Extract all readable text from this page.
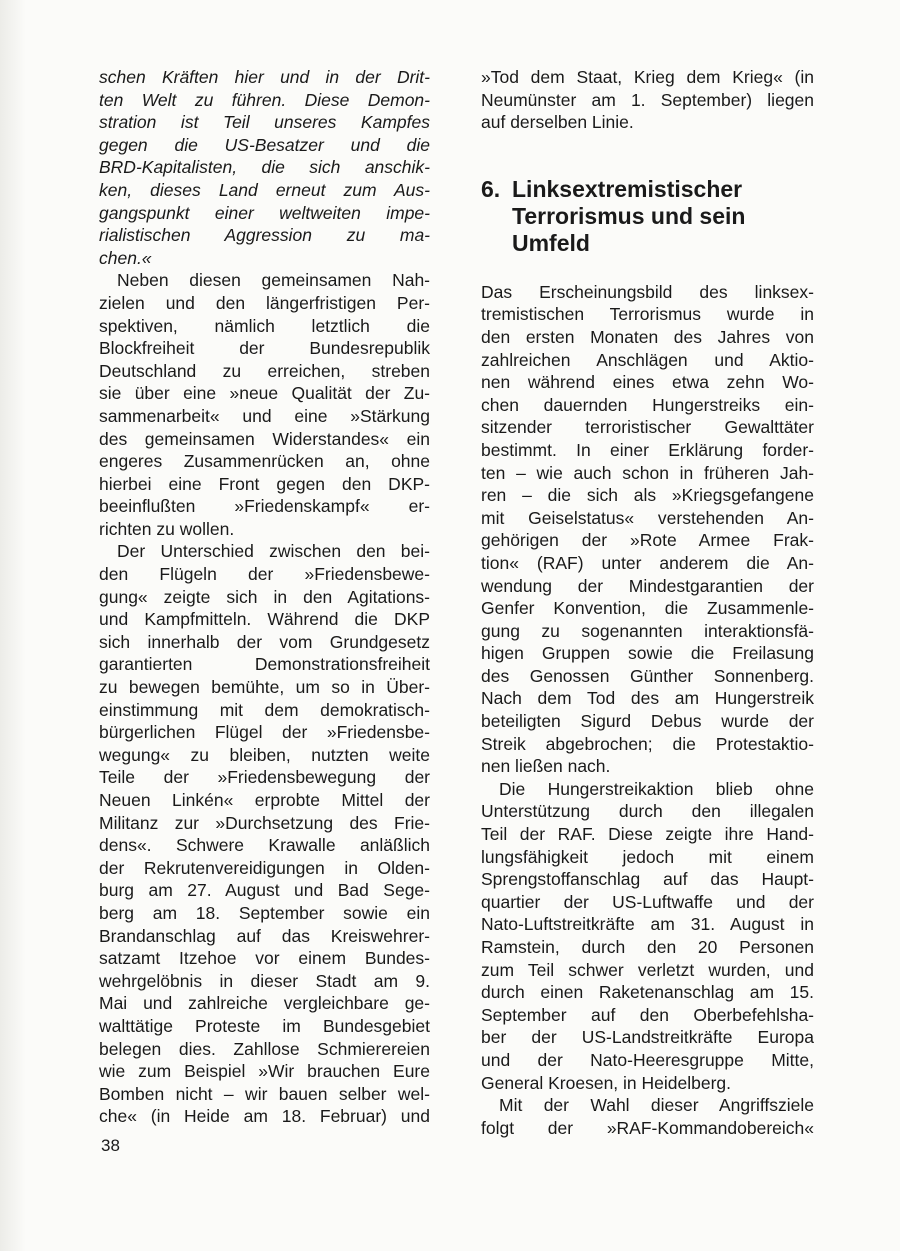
schen Kräften hier und in der Drit-
ten Welt zu führen. Diese Demon-
stration ist Teil unseres Kampfes
gegen die US-Besatzer und die
BRD-Kapitalisten, die sich anschik-
ken, dieses Land erneut zum Aus-
gangspunkt einer weltweiten impe-
rialistischen Aggression zu ma-
chen.«
Neben diesen gemeinsamen Nah-
zielen und den längerfristigen Per-
spektiven, nämlich letztlich die
Blockfreiheit der Bundesrepublik
Deutschland zu erreichen, streben
sie über eine »neue Qualität der Zu-
sammenarbeit« und eine »Stärkung
des gemeinsamen Widerstandes« ein
engeres Zusammenrücken an, ohne
hierbei eine Front gegen den DKP-
beeinflußten »Friedenskampf« er-
richten zu wollen.
Der Unterschied zwischen den bei-
den Flügeln der »Friedensbewe-
gung« zeigte sich in den Agitations-
und Kampfmitteln. Während die DKP
sich innerhalb der vom Grundgesetz
garantierten Demonstrationsfreiheit
zu bewegen bemühte, um so in Über-
einstimmung mit dem demokratisch-
bürgerlichen Flügel der »Friedensbe-
wegung« zu bleiben, nutzten weite
Teile der »Friedensbewegung der
Neuen Linkén« erprobte Mittel der
Militanz zur »Durchsetzung des Frie-
dens«. Schwere Krawalle anläßlich
der Rekrutenvereidigungen in Olden-
burg am 27. August und Bad Sege-
berg am 18. September sowie ein
Brandanschlag auf das Kreiswehrer-
satzamt Itzehoe vor einem Bundes-
wehrgelöbnis in dieser Stadt am 9.
Mai und zahlreiche vergleichbare ge-
walttätige Proteste im Bundesgebiet
belegen dies. Zahllose Schmierereien
wie zum Beispiel »Wir brauchen Eure
Bomben nicht – wir bauen selber wel-
che« (in Heide am 18. Februar) und
»Tod dem Staat, Krieg dem Krieg« (in
Neumünster am 1. September) liegen
auf derselben Linie.
6. Linksextremistischer
Terrorismus und sein
Umfeld
Das Erscheinungsbild des linksex-
tremistischen Terrorismus wurde in
den ersten Monaten des Jahres von
zahlreichen Anschlägen und Aktio-
nen während eines etwa zehn Wo-
chen dauernden Hungerstreiks ein-
sitzender terroristischer Gewalttäter
bestimmt. In einer Erklärung forder-
ten – wie auch schon in früheren Jah-
ren – die sich als »Kriegsgefangene
mit Geiselstatus« verstehenden An-
gehörigen der »Rote Armee Frak-
tion« (RAF) unter anderem die An-
wendung der Mindestgarantien der
Genfer Konvention, die Zusammenle-
gung zu sogenannten interaktionsfä-
higen Gruppen sowie die Freilasung
des Genossen Günther Sonnenberg.
Nach dem Tod des am Hungerstreik
beteiligten Sigurd Debus wurde der
Streik abgebrochen; die Protestaktio-
nen ließen nach.
Die Hungerstreikaktion blieb ohne
Unterstützung durch den illegalen
Teil der RAF. Diese zeigte ihre Hand-
lungsfähigkeit jedoch mit einem
Sprengstoffanschlag auf das Haupt-
quartier der US-Luftwaffe und der
Nato-Luftstreitkräfte am 31. August in
Ramstein, durch den 20 Personen
zum Teil schwer verletzt wurden, und
durch einen Raketenanschlag am 15.
September auf den Oberbefehlsha-
ber der US-Landstreitkräfte Europa
und der Nato-Heeresgruppe Mitte,
General Kroesen, in Heidelberg.
Mit der Wahl dieser Angriffsziele
folgt der »RAF-Kommandobereich«
38
